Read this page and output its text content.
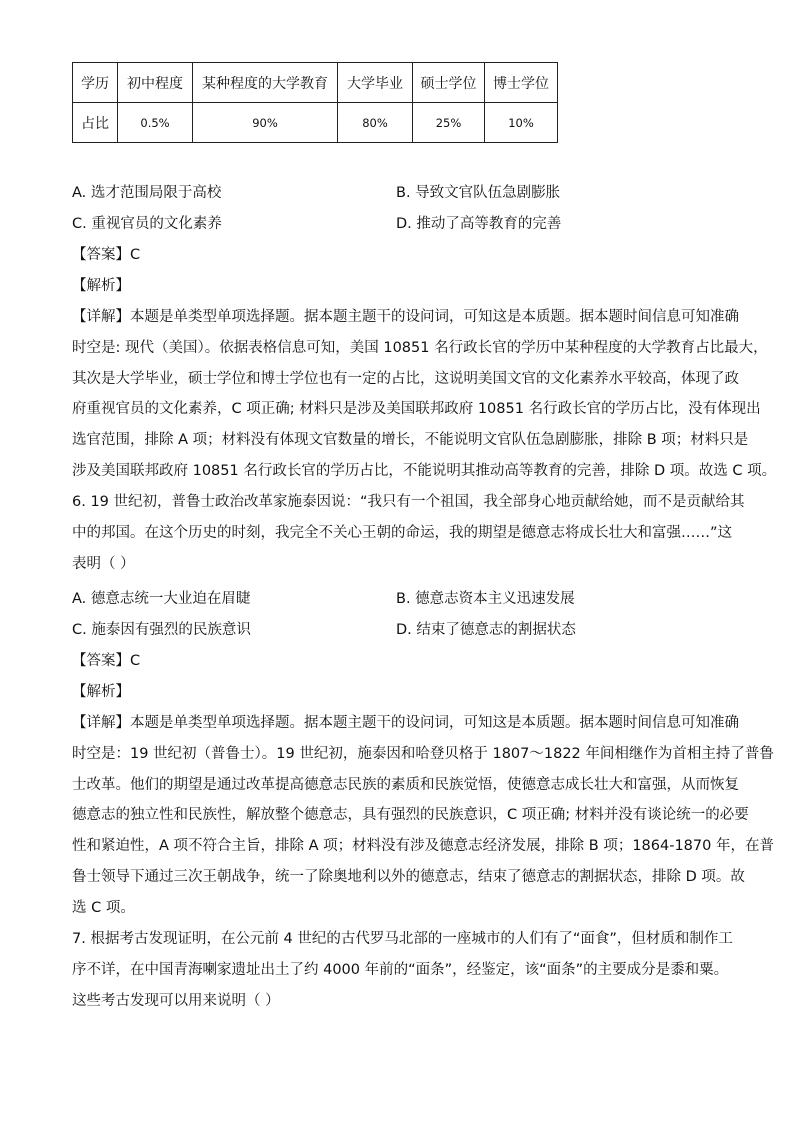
学历	初中程度	某种程度的大学教育	大学毕业	硕士学位	博士学位
占比	0.5%	90%	80%	25%	10%
A. 选才范围局限于高校	B. 导致文官队伍急剧膨胀
C. 重视官员的文化素养	D. 推动了高等教育的完善
【答案】C
【解析】
【详解】本题是单类型单项选择题。据本题主题干的设问词，可知这是本质题。据本题时间信息可知准确
时空是: 现代（美国）。依据表格信息可知，美国 10851 名行政长官的学历中某种程度的大学教育占比最大，
其次是大学毕业，硕士学位和博士学位也有一定的占比，这说明美国文官的文化素养水平较高，体现了政
府重视官员的文化素养，C 项正确; 材料只是涉及美国联邦政府 10851 名行政长官的学历占比，没有体现出
选官范围，排除 A 项；材料没有体现文官数量的增长，不能说明文官队伍急剧膨胀，排除 B 项；材料只是
涉及美国联邦政府 10851 名行政长官的学历占比，不能说明其推动高等教育的完善，排除 D 项。故选 C 项。
6. 19 世纪初，普鲁士政治改革家施泰因说：“我只有一个祖国，我全部身心地贡献给她，而不是贡献给其
中的邦国。在这个历史的时刻，我完全不关心王朝的命运，我的期望是德意志将成长壮大和富强……”这
表明（ ）
A. 德意志统一大业迫在眉睫	B. 德意志资本主义迅速发展
C. 施泰因有强烈的民族意识	D. 结束了德意志的割据状态
【答案】C
【解析】
【详解】本题是单类型单项选择题。据本题主题干的设问词，可知这是本质题。据本题时间信息可知准确
时空是：19 世纪初（普鲁士）。19 世纪初，施泰因和哈登贝格于 1807～1822 年间相继作为首相主持了普鲁
士改革。他们的期望是通过改革提高德意志民族的素质和民族觉悟，使德意志成长壮大和富强，从而恢复
德意志的独立性和民族性，解放整个德意志，具有强烈的民族意识，C 项正确; 材料并没有谈论统一的必要
性和紧迫性，A 项不符合主旨，排除 A 项；材料没有涉及德意志经济发展，排除 B 项；1864-1870 年，在普
鲁士领导下通过三次王朝战争，统一了除奥地利以外的德意志，结束了德意志的割据状态，排除 D 项。故
选 C 项。
7. 根据考古发现证明，在公元前 4 世纪的古代罗马北部的一座城市的人们有了“面食”，但材质和制作工
序不详，在中国青海喇家遗址出土了约 4000 年前的“面条”，经鉴定，该“面条”的主要成分是黍和粟。
这些考古发现可以用来说明（ ）
